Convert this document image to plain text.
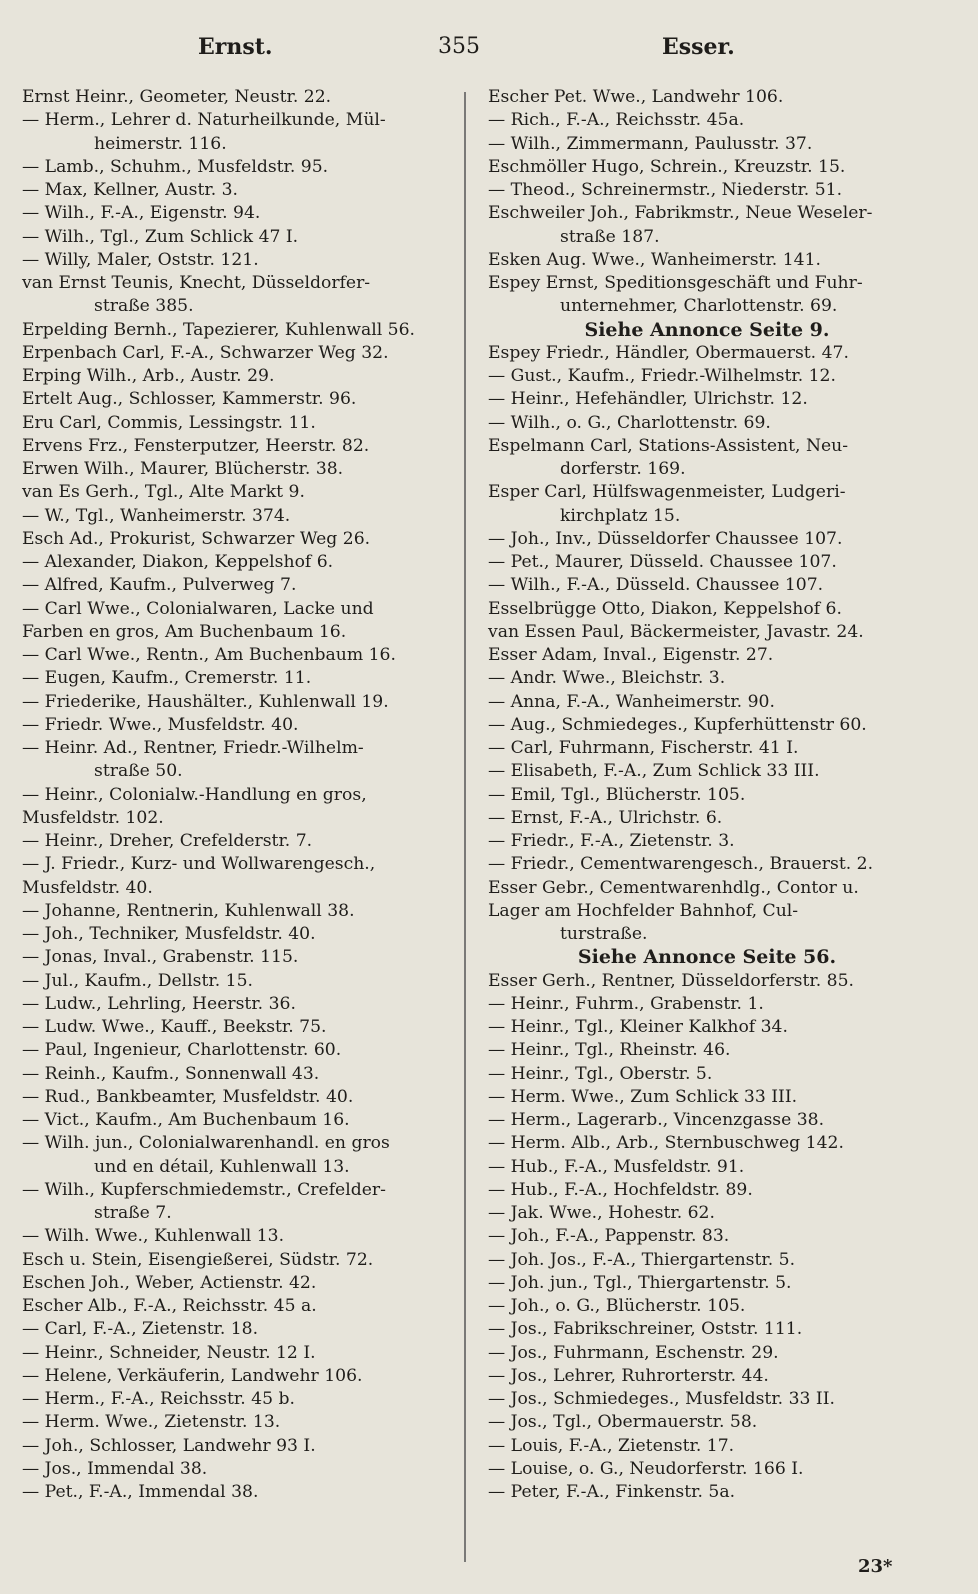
Ernst.	355	Esser.
Ernst Heinr., Geometer, Neustr. 22.
— Herm., Lehrer d. Naturheilkunde, Mül-
heimerstr. 116.
— Lamb., Schuhm., Musfeldstr. 95.
— Max, Kellner, Austr. 3.
— Wilh., F.-A., Eigenstr. 94.
— Wilh., Tgl., Zum Schlick 47 I.
— Willy, Maler, Oststr. 121.
van Ernst Teunis, Knecht, Düsseldorfer-
straße 385.
Erpelding Bernh., Tapezierer, Kuhlenwall 56.
Erpenbach Carl, F.-A., Schwarzer Weg 32.
Erping Wilh., Arb., Austr. 29.
Ertelt Aug., Schlosser, Kammerstr. 96.
Eru Carl, Commis, Lessingstr. 11.
Ervens Frz., Fensterputzer, Heerstr. 82.
Erwen Wilh., Maurer, Blücherstr. 38.
van Es Gerh., Tgl., Alte Markt 9.
— W., Tgl., Wanheimerstr. 374.
Esch Ad., Prokurist, Schwarzer Weg 26.
— Alexander, Diakon, Keppelshof 6.
— Alfred, Kaufm., Pulverweg 7.
— Carl Wwe., Colonialwaren, Lacke und
Farben en gros, Am Buchenbaum 16.
— Carl Wwe., Rentn., Am Buchenbaum 16.
— Eugen, Kaufm., Cremerstr. 11.
— Friederike, Haushälter., Kuhlenwall 19.
— Friedr. Wwe., Musfeldstr. 40.
— Heinr. Ad., Rentner, Friedr.-Wilhelm-
straße 50.
— Heinr., Colonialw.-Handlung en gros,
Musfeldstr. 102.
— Heinr., Dreher, Crefelderstr. 7.
— J. Friedr., Kurz- und Wollwarengesch.,
Musfeldstr. 40.
— Johanne, Rentnerin, Kuhlenwall 38.
— Joh., Techniker, Musfeldstr. 40.
— Jonas, Inval., Grabenstr. 115.
— Jul., Kaufm., Dellstr. 15.
— Ludw., Lehrling, Heerstr. 36.
— Ludw. Wwe., Kauff., Beekstr. 75.
— Paul, Ingenieur, Charlottenstr. 60.
— Reinh., Kaufm., Sonnenwall 43.
— Rud., Bankbeamter, Musfeldstr. 40.
— Vict., Kaufm., Am Buchenbaum 16.
— Wilh. jun., Colonialwarenhandl. en gros
und en détail, Kuhlenwall 13.
— Wilh., Kupferschmiedemstr., Crefelder-
straße 7.
— Wilh. Wwe., Kuhlenwall 13.
Esch u. Stein, Eisengießerei, Südstr. 72.
Eschen Joh., Weber, Actienstr. 42.
Escher Alb., F.-A., Reichsstr. 45 a.
— Carl, F.-A., Zietenstr. 18.
— Heinr., Schneider, Neustr. 12 I.
— Helene, Verkäuferin, Landwehr 106.
— Herm., F.-A., Reichsstr. 45 b.
— Herm. Wwe., Zietenstr. 13.
— Joh., Schlosser, Landwehr 93 I.
— Jos., Immendal 38.
— Pet., F.-A., Immendal 38.
Escher Pet. Wwe., Landwehr 106.
— Rich., F.-A., Reichsstr. 45a.
— Wilh., Zimmermann, Paulusstr. 37.
Eschmöller Hugo, Schrein., Kreuzstr. 15.
— Theod., Schreinermstr., Niederstr. 51.
Eschweiler Joh., Fabrikmstr., Neue Weseler-
straße 187.
Esken Aug. Wwe., Wanheimerstr. 141.
Espey Ernst, Speditionsgeschäft und Fuhr-
unternehmer, Charlottenstr. 69.
Siehe Annonce Seite 9.
Espey Friedr., Händler, Obermauerst. 47.
— Gust., Kaufm., Friedr.-Wilhelmstr. 12.
— Heinr., Hefehändler, Ulrichstr. 12.
— Wilh., o. G., Charlottenstr. 69.
Espelmann Carl, Stations-Assistent, Neu-
dorferstr. 169.
Esper Carl, Hülfswagenmeister, Ludgeri-
kirchplatz 15.
— Joh., Inv., Düsseldorfer Chaussee 107.
— Pet., Maurer, Düsseld. Chaussee 107.
— Wilh., F.-A., Düsseld. Chaussee 107.
Esselbrügge Otto, Diakon, Keppelshof 6.
van Essen Paul, Bäckermeister, Javastr. 24.
Esser Adam, Inval., Eigenstr. 27.
— Andr. Wwe., Bleichstr. 3.
— Anna, F.-A., Wanheimerstr. 90.
— Aug., Schmiedeges., Kupferhüttenstr 60.
— Carl, Fuhrmann, Fischerstr. 41 I.
— Elisabeth, F.-A., Zum Schlick 33 III.
— Emil, Tgl., Blücherstr. 105.
— Ernst, F.-A., Ulrichstr. 6.
— Friedr., F.-A., Zietenstr. 3.
— Friedr., Cementwarengesch., Brauerst. 2.
Esser Gebr., Cementwarenhdlg., Contor u.
Lager am Hochfelder Bahnhof, Cul-
turstraße.
Siehe Annonce Seite 56.
Esser Gerh., Rentner, Düsseldorferstr. 85.
— Heinr., Fuhrm., Grabenstr. 1.
— Heinr., Tgl., Kleiner Kalkhof 34.
— Heinr., Tgl., Rheinstr. 46.
— Heinr., Tgl., Oberstr. 5.
— Herm. Wwe., Zum Schlick 33 III.
— Herm., Lagerarb., Vincenzgasse 38.
— Herm. Alb., Arb., Sternbuschweg 142.
— Hub., F.-A., Musfeldstr. 91.
— Hub., F.-A., Hochfeldstr. 89.
— Jak. Wwe., Hohestr. 62.
— Joh., F.-A., Pappenstr. 83.
— Joh. Jos., F.-A., Thiergartenstr. 5.
— Joh. jun., Tgl., Thiergartenstr. 5.
— Joh., o. G., Blücherstr. 105.
— Jos., Fabrikschreiner, Oststr. 111.
— Jos., Fuhrmann, Eschenstr. 29.
— Jos., Lehrer, Ruhrorterstr. 44.
— Jos., Schmiedeges., Musfeldstr. 33 II.
— Jos., Tgl., Obermauerstr. 58.
— Louis, F.-A., Zietenstr. 17.
— Louise, o. G., Neudorferstr. 166 I.
— Peter, F.-A., Finkenstr. 5a.
23*
